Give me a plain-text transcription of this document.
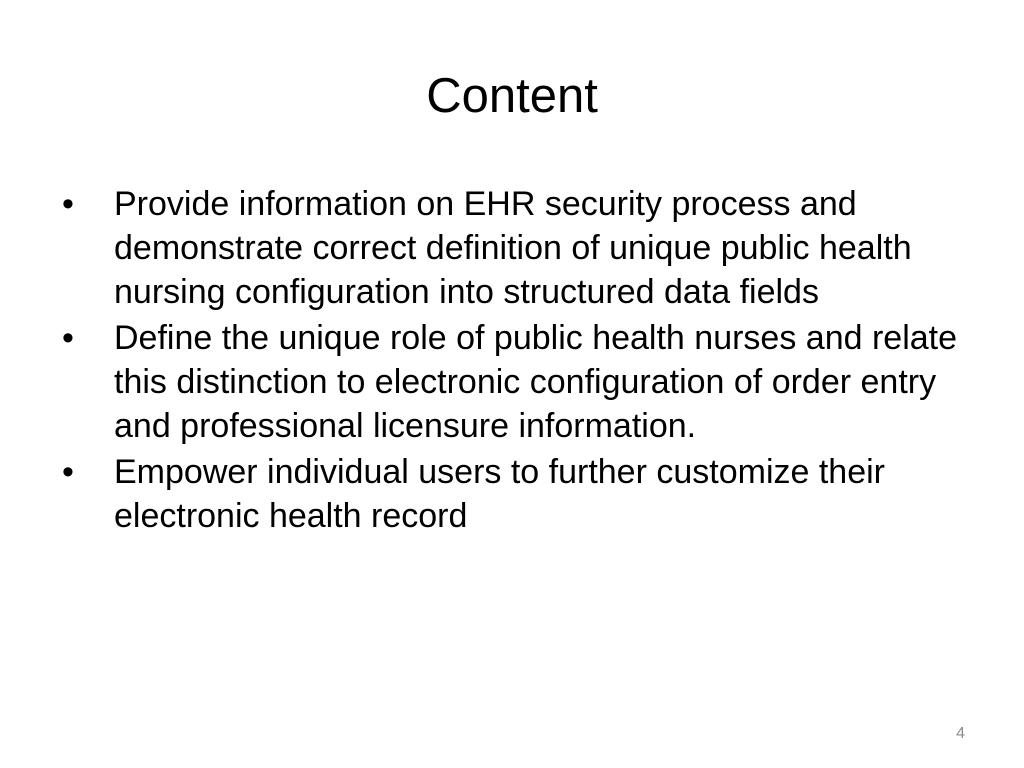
Content
•	Provide information on EHR security process and demonstrate correct definition of unique public health nursing configuration into structured data fields
•	Define the unique role of public health nurses and relate this distinction to electronic configuration of order entry and professional licensure information.
•	Empower individual users to further customize their electronic health record
4
